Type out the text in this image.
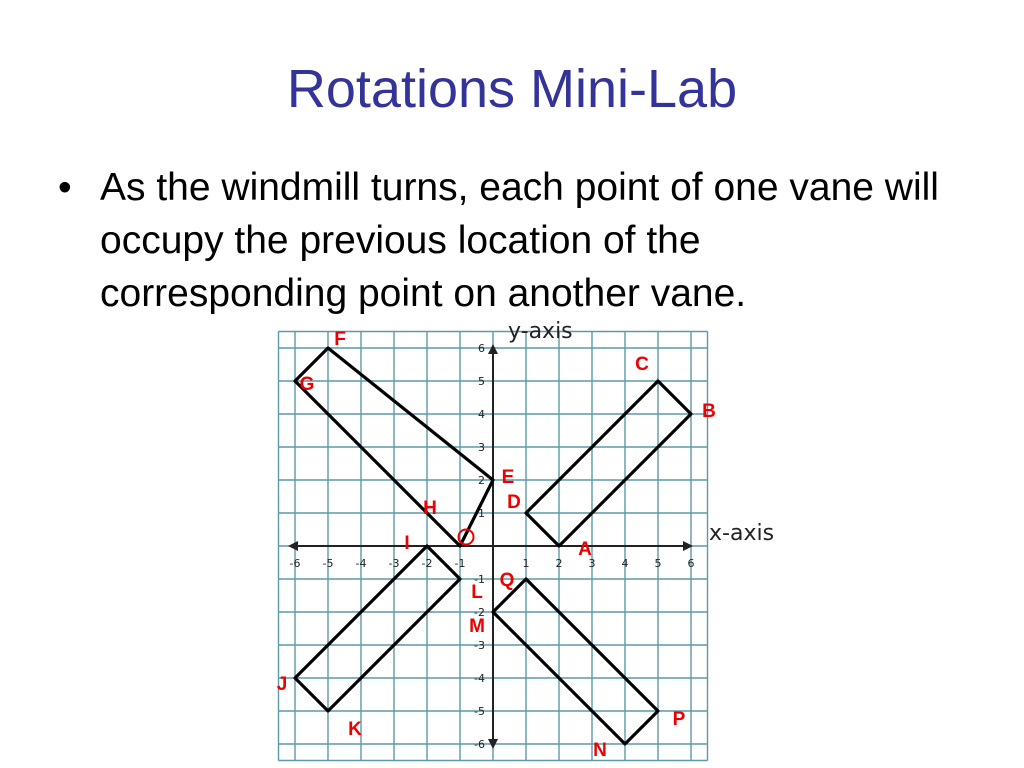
Rotations Mini-Lab
• As the windmill turns, each point of one vane will occupy the previous location of the corresponding point on another vane.
y-axis
x-axis
-6 -5 -4 -3 -2 -1	1 2 3 4 5 6
6
5
4
3
2
1
-1
-2
-3
-4
-5
-6
F
G
C
B
E
D
H
I	A
Q
L
M
J
K	P
N
